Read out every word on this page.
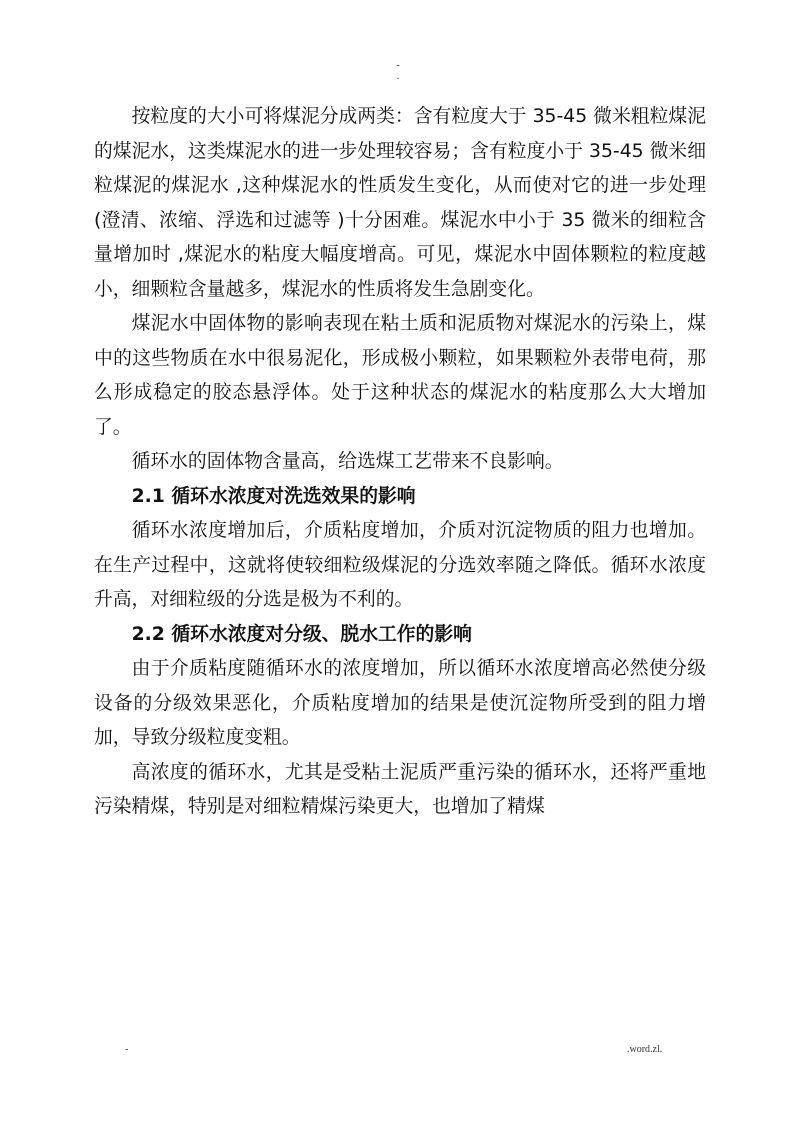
-
.

按粒度的大小可将煤泥分成两类：含有粒度大于 35-45 微米粗粒煤泥的煤泥水，这类煤泥水的进一步处理较容易；含有粒度小于 35-45 微米细粒煤泥的煤泥水 ,这种煤泥水的性质发生变化，从而使对它的进一步处理 (澄清、浓缩、浮选和过滤等 )十分困难。煤泥水中小于 35 微米的细粒含量增加时 ,煤泥水的粘度大幅度增高。可见，煤泥水中固体颗粒的粒度越小，细颗粒含量越多，煤泥水的性质将发生急剧变化。

煤泥水中固体物的影响表现在粘土质和泥质物对煤泥水的污染上，煤中的这些物质在水中很易泥化，形成极小颗粒，如果颗粒外表带电荷，那么形成稳定的胶态悬浮体。处于这种状态的煤泥水的粘度那么大大增加了。

循环水的固体物含量高，给选煤工艺带来不良影响。

2.1 循环水浓度对洗选效果的影响

循环水浓度增加后，介质粘度增加，介质对沉淀物质的阻力也增加。在生产过程中，这就将使较细粒级煤泥的分选效率随之降低。循环水浓度升高，对细粒级的分选是极为不利的。

2.2 循环水浓度对分级、脱水工作的影响

由于介质粘度随循环水的浓度增加，所以循环水浓度增高必然使分级设备的分级效果恶化，介质粘度增加的结果是使沉淀物所受到的阻力增加，导致分级粒度变粗。

高浓度的循环水，尤其是受粘土泥质严重污染的循环水，还将严重地污染精煤，特别是对细粒精煤污染更大，也增加了精煤

-	.word.zl.
